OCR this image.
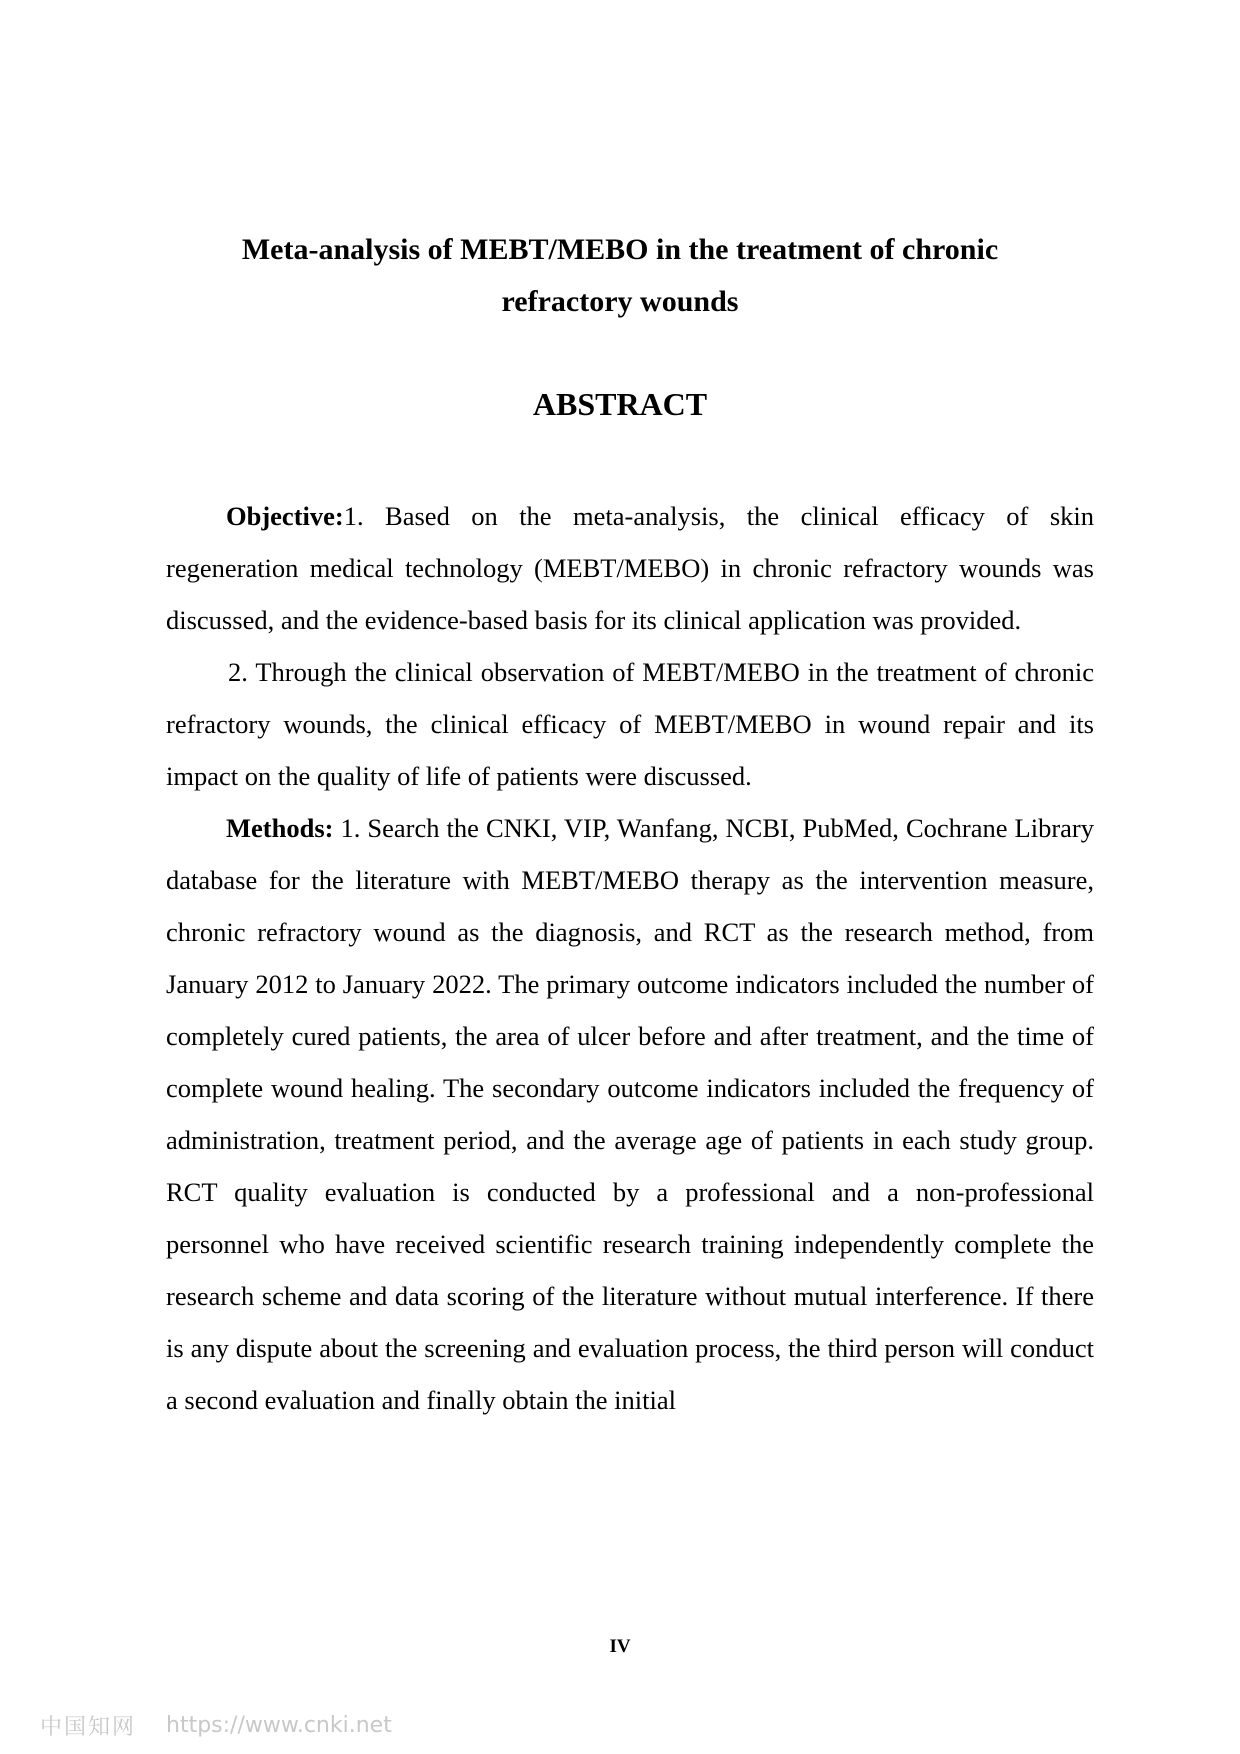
Meta-analysis of MEBT/MEBO in the treatment of chronic
refractory wounds
ABSTRACT

Objective:1. Based on the meta-analysis, the clinical efficacy of skin regeneration medical technology (MEBT/MEBO) in chronic refractory wounds was discussed, and the evidence-based basis for its clinical application was provided.

2. Through the clinical observation of MEBT/MEBO in the treatment of chronic refractory wounds, the clinical efficacy of MEBT/MEBO in wound repair and its impact on the quality of life of patients were discussed.

Methods: 1. Search the CNKI, VIP, Wanfang, NCBI, PubMed, Cochrane Library database for the literature with MEBT/MEBO therapy as the intervention measure, chronic refractory wound as the diagnosis, and RCT as the research method, from January 2012 to January 2022. The primary outcome indicators included the number of completely cured patients, the area of ulcer before and after treatment, and the time of complete wound healing. The secondary outcome indicators included the frequency of administration, treatment period, and the average age of patients in each study group. RCT quality evaluation is conducted by a professional and a non-professional personnel who have received scientific research training independently complete the research scheme and data scoring of the literature without mutual interference. If there is any dispute about the screening and evaluation process, the third person will conduct a second evaluation and finally obtain the initial

IV
中国知网 https://www.cnki.net
